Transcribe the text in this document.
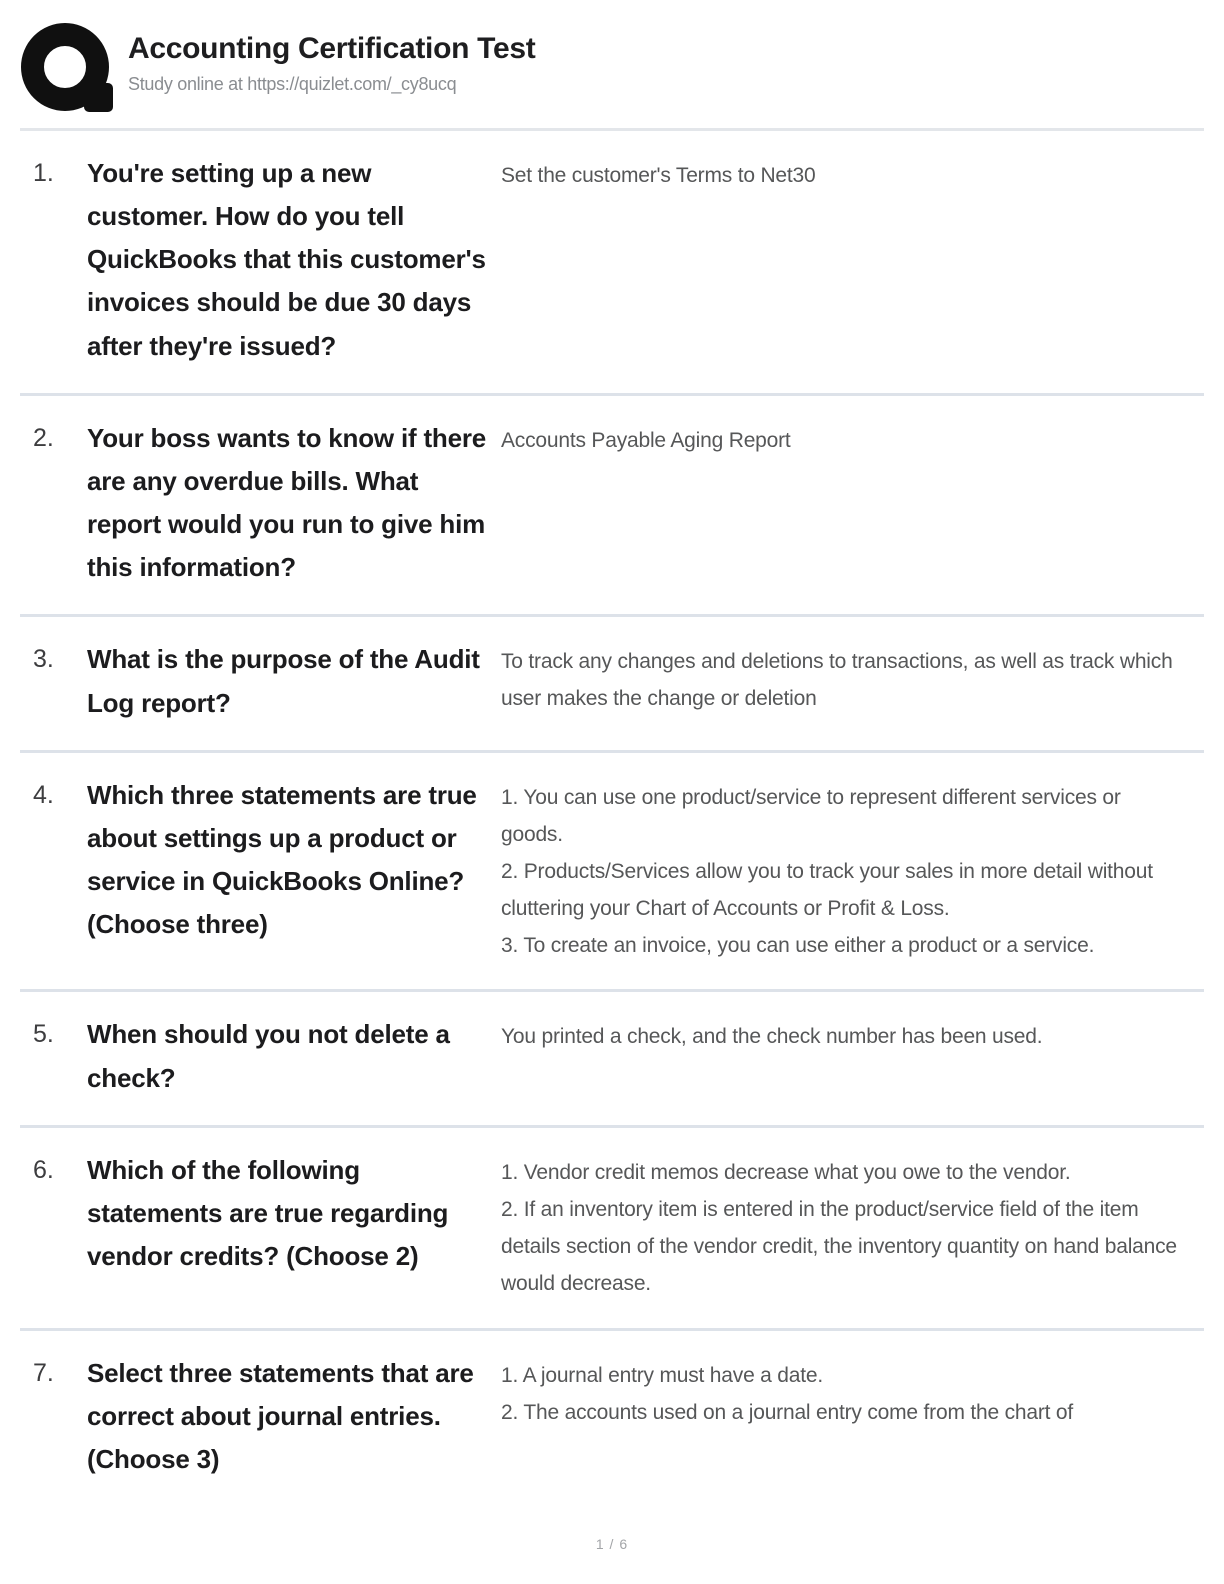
Accounting Certification Test
Study online at https://quizlet.com/_cy8ucq
1.	You're setting up a new customer. How do you tell QuickBooks that this customer's invoices should be due 30 days after they're issued?
Set the customer's Terms to Net30
2.	Your boss wants to know if there are any overdue bills. What report would you run to give him this information?
Accounts Payable Aging Report
3.	What is the purpose of the Audit Log report?
To track any changes and deletions to transactions, as well as track which user makes the change or deletion
4.	Which three statements are true about settings up a product or service in QuickBooks Online? (Choose three)
1. You can use one product/service to represent different services or goods.
2. Products/Services allow you to track your sales in more detail without cluttering your Chart of Accounts or Profit & Loss.
3. To create an invoice, you can use either a product or a service.
5.	When should you not delete a check?
You printed a check, and the check number has been used.
6.	Which of the following statements are true regarding vendor credits? (Choose 2)
1. Vendor credit memos decrease what you owe to the vendor.
2. If an inventory item is entered in the product/service field of the item details section of the vendor credit, the inventory quantity on hand balance would decrease.
7.	Select three statements that are correct about journal entries. (Choose 3)
1. A journal entry must have a date.
2. The accounts used on a journal entry come from the chart of
1 / 6
